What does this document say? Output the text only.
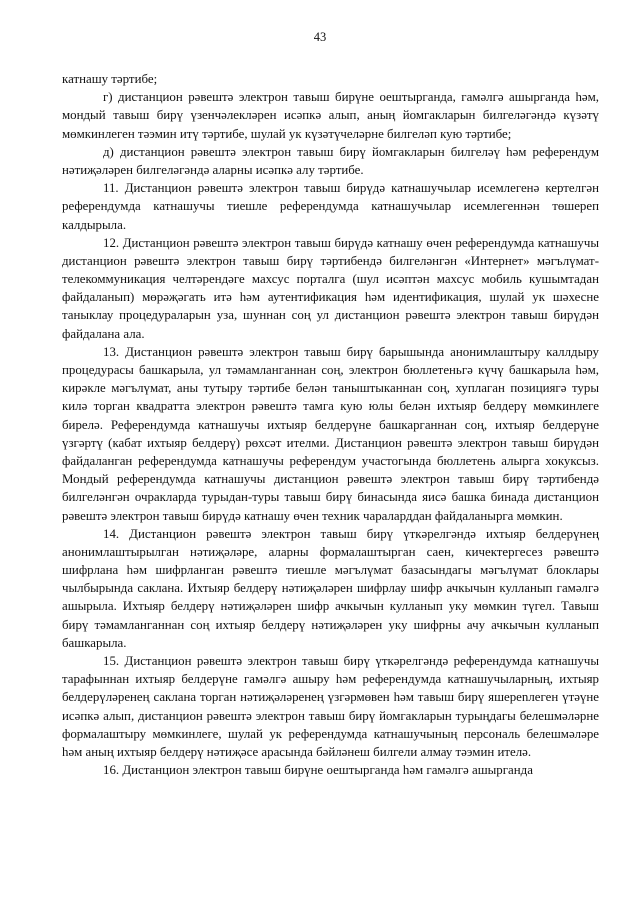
43

катнашу тәртибе;

г) дистанцион рәвештә электрон тавыш бирүне оештырганда, гамәлгә ашырганда һәм, мондый тавыш бирү үзенчәлекләрен исәпкә алып, аның йомгакларын билгеләгәндә күзәтү мөмкинлеген тәэмин итү тәртибе, шулай ук күзәтүчеләрне билгеләп кую тәртибе;

д) дистанцион рәвештә электрон тавыш бирү йомгакларын билгеләү һәм референдум нәтиҗәләрен билгеләгәндә аларны исәпкә алу тәртибе.

11. Дистанцион рәвештә электрон тавыш бирүдә катнашучылар исемлегенә кертелгән референдумда катнашучы тиешле референдумда катнашучылар исемлегеннән төшереп калдырыла.

12. Дистанцион рәвештә электрон тавыш бирүдә катнашу өчен референдумда катнашучы дистанцион рәвештә электрон тавыш бирү тәртибендә билгеләнгән «Интернет» мәгълүмат-телекоммуникация челтәрендәге махсус порталга (шул исәптән махсус мобиль кушымтадан файдаланып) мөрәҗәгать итә һәм аутентификация һәм идентификация, шулай ук шәхесне таныклау процедураларын уза, шуннан соң ул дистанцион рәвештә электрон тавыш бирүдән файдалана ала.

13. Дистанцион рәвештә электрон тавыш бирү барышында анонимлаштыру каллдыру процедурасы башкарыла, ул тәмамланганнан соң, электрон бюллетеньгә күчү башкарыла һәм, кирәкле мәгълүмат, аны тутыру тәртибе белән таныштыканнан соң, хуплаган позициягә туры килә торган квадратта электрон рәвештә тамга кую юлы белән ихтыяр белдерү мөмкинлеге бирелә. Референдумда катнашучы ихтыяр белдерүне башкарганнан соң, ихтыяр белдерүне үзгәртү (кабат ихтыяр белдерү) рөхсәт ителми. Дистанцион рәвештә электрон тавыш бирүдән файдаланган референдумда катнашучы референдум участогында бюллетень алырга хокуксыз. Мондый референдумда катнашучы дистанцион рәвештә электрон тавыш бирү тәртибендә билгеләнгән очракларда турыдан-туры тавыш бирү бинасында яисә башка бинада дистанцион рәвештә электрон тавыш бирүдә катнашу өчен техник чараларддан файдаланырга мөмкин.

14. Дистанцион рәвештә электрон тавыш бирү үткәрелгәндә ихтыяр белдерүнең анонимлаштырылган нәтиҗәләре, аларны формалаштырган саен, кичектергесез рәвештә шифрлана һәм шифрланган рәвештә тиешле мәгълүмат базасындагы мәгълүмат блоклары чылбырында саклана. Ихтыяр белдерү нәтиҗәләрен шифрлау шифр ачкычын кулланып гамәлгә ашырыла. Ихтыяр белдерү нәтиҗәләрен шифр ачкычын кулланып уку мөмкин түгел. Тавыш бирү тәмамланганнан соң ихтыяр белдерү нәтиҗәләрен уку шифрны ачу ачкычын кулланып башкарыла.

15. Дистанцион рәвештә электрон тавыш бирү үткәрелгәндә референдумда катнашучы тарафыннан ихтыяр белдерүне гамәлгә ашыру һәм референдумда катнашучыларның, ихтыяр белдерүләренең саклана торган нәтиҗәләренең үзгәрмөвен һәм тавыш бирү яшерenлеген үтәүне исәпкә алып, дистанцион рәвештә электрон тавыш бирү йомгакларын турыңдагы белешмәләрне формалаштыру мөмкинлеге, шулай ук референдумда катнашучының персональ белешмәләре һәм аның ихтыяр белдерү нәтиҗәсе арасында бәйләнеш билгели алмау тәэмин ителә.

16. Дистанцион электрон тавыш бирүне оештырганда һәм гамәлгә ашырганда
